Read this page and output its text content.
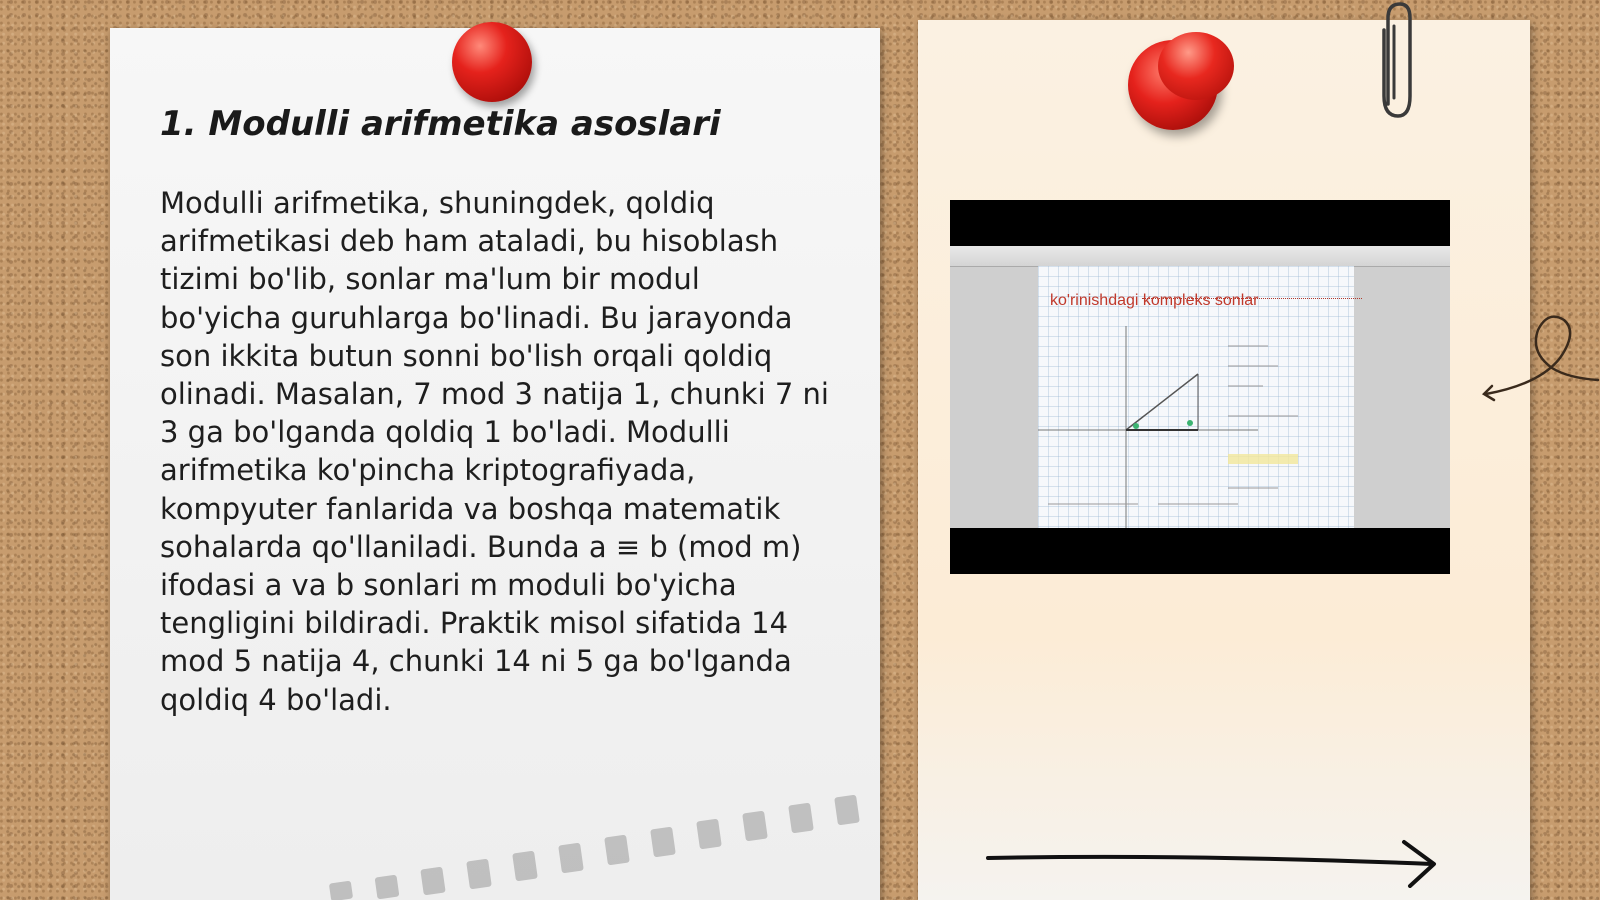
1. Modulli arifmetika asoslari

Modulli arifmetika, shuningdek, qoldiq arifmetikasi deb ham ataladi, bu hisoblash tizimi bo'lib, sonlar ma'lum bir modul bo'yicha guruhlarga bo'linadi. Bu jarayonda son ikkita butun sonni bo'lish orqali qoldiq olinadi. Masalan, 7 mod 3 natija 1, chunki 7 ni 3 ga bo'lganda qoldiq 1 bo'ladi. Modulli arifmetika ko'pincha kriptografiyada, kompyuter fanlarida va boshqa matematik sohalarda qo'llaniladi. Bunda a ≡ b (mod m) ifodasi a va b sonlari m moduli bo'yicha tengligini bildiradi. Praktik misol sifatida 14 mod 5 natija 4, chunki 14 ni 5 ga bo'lganda qoldiq 4 bo'ladi.

ko'rinishdagi kompleks sonlar
